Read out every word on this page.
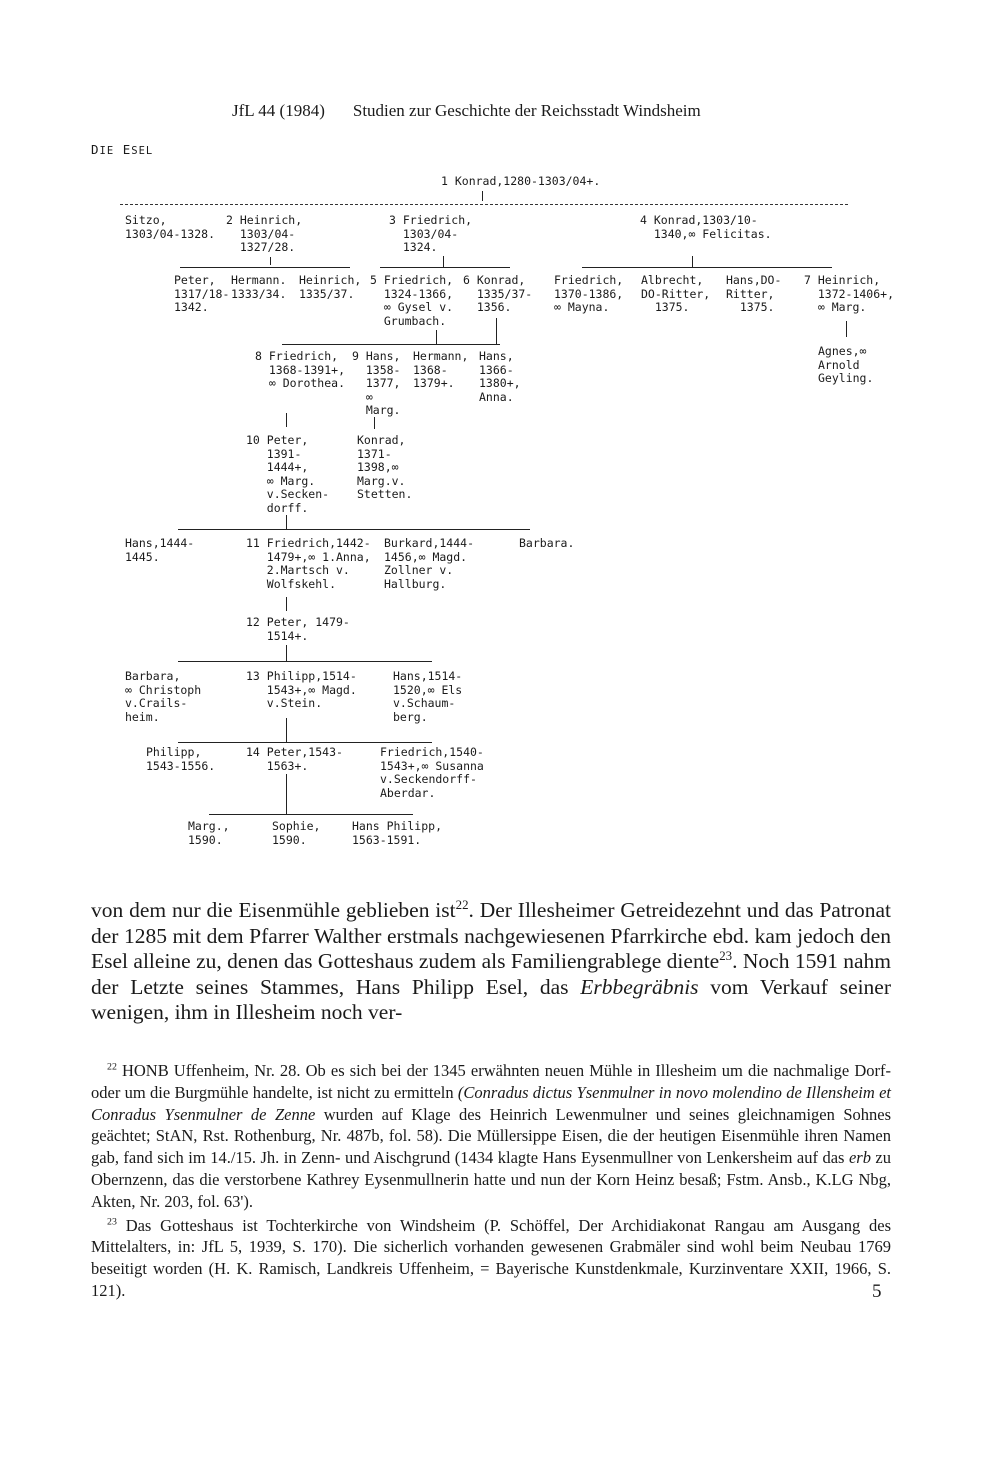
JfL 44 (1984) Studien zur Geschichte der Reichsstadt Windsheim
DIE ESEL
1 Konrad,1280-1303/04+.
Sitzo,
1303/04-1328.
2 Heinrich,
1303/04-
1327/28.
3 Friedrich,
1303/04-
1324.
4 Konrad,1303/10-
1340,∞ Felicitas.
Peter,
1317/18-
1342.
Hermann.
1333/34.
Heinrich,
1335/37.
5 Friedrich,
1324-1366,
∞ Gysel v.
Grumbach.
6 Konrad,
1335/37-
1356.
Friedrich,
1370-1386,
∞ Mayna.
Albrecht,
DO-Ritter,
1375.
Hans,DO-
Ritter,
1375.
7 Heinrich,
1372-1406+,
∞ Marg.
8 Friedrich,
1368-1391+,
∞ Dorothea.
9 Hans,
1358-
1377,
∞
Marg.
Hermann,
1368-
1379+.
Hans,
1366-
1380+,
Anna.
Agnes,∞
Arnold
Geyling.
10 Peter,
1391-
1444+,
∞ Marg.
v.Secken-
dorff.
Konrad,
1371-
1398,∞
Marg.v.
Stetten.
Hans,1444-
1445.
11 Friedrich,1442-
1479+,∞ 1.Anna,
2.Martsch v.
Wolfskehl.
Burkard,1444-
1456,∞ Magd.
Zollner v.
Hallburg.
Barbara.
12 Peter, 1479-
1514+.
Barbara,
∞ Christoph
v.Crails-
heim.
13 Philipp,1514-
1543+,∞ Magd.
v.Stein.
Hans,1514-
1520,∞ Els
v.Schaum-
berg.
Philipp,
1543-1556.
14 Peter,1543-
1563+.
Friedrich,1540-
1543+,∞ Susanna
v.Seckendorff-
Aberdar.
Marg.,
1590.
Sophie,
1590.
Hans Philipp,
1563-1591.

von dem nur die Eisenmühle geblieben ist$^{22}$. Der Illesheimer Getreidezehnt und das Patronat der 1285 mit dem Pfarrer Walther erstmals nachgewiesenen Pfarrkirche ebd. kam jedoch den Esel alleine zu, denen das Gotteshaus zudem als Familiengrablege diente$^{23}$. Noch 1591 nahm der Letzte seines Stammes, Hans Philipp Esel, das Erbbegräbnis vom Verkauf seiner wenigen, ihm in Illesheim noch ver-

$^{22}$ HONB Uffenheim, Nr. 28. Ob es sich bei der 1345 erwähnten neuen Mühle in Illesheim um die nachmalige Dorf- oder um die Burgmühle handelte, ist nicht zu ermitteln (Conradus dictus Ysenmulner in novo molendino de Illensheim et Conradus Ysenmulner de Zenne wurden auf Klage des Heinrich Lewenmulner und seines gleichnamigen Sohnes geächtet; StAN, Rst. Rothenburg, Nr. 487b, fol. 58). Die Müllersippe Eisen, die der heutigen Eisenmühle ihren Namen gab, fand sich im 14./15. Jh. in Zenn- und Aischgrund (1434 klagte Hans Eysenmullner von Lenkersheim auf das erb zu Obernzenn, das die verstorbene Kathrey Eysenmullnerin hatte und nun der Korn Heinz besaß; Fstm. Ansb., K.LG Nbg, Akten, Nr. 203, fol. 63').

$^{23}$ Das Gotteshaus ist Tochterkirche von Windsheim (P. Schöffel, Der Archidiakonat Rangau am Ausgang des Mittelalters, in: JfL 5, 1939, S. 170). Die sicherlich vorhanden gewesenen Grabmäler sind wohl beim Neubau 1769 beseitigt worden (H. K. Ramisch, Landkreis Uffenheim, = Bayerische Kunstdenkmale, Kurzinventare XXII, 1966, S. 121).	5
